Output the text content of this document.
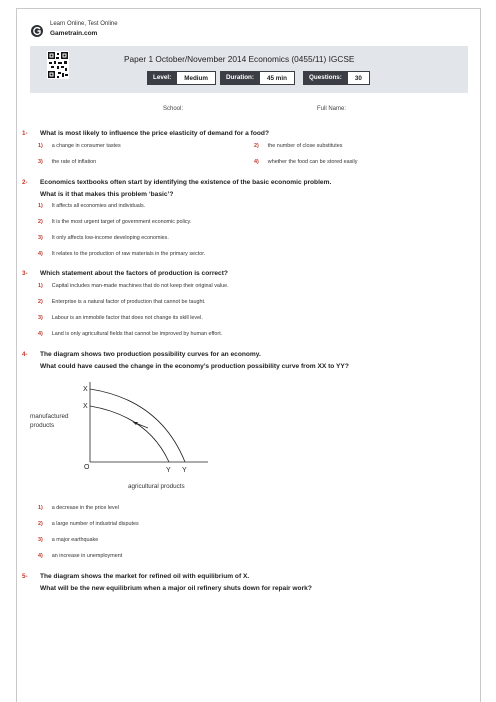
Learn Online, Test Online
Gametrain.com
Paper 1 October/November 2014 Economics (0455/11) IGCSE
Level:	Medium	Duration:	45 min	Questions:	30
School:	Full Name:
1- What is most likely to influence the price elasticity of demand for a food?
1) a change in consumer tastes	2) the number of close substitutes
3) the rate of inflation	4) whether the food can be stored easily
2- Economics textbooks often start by identifying the existence of the basic economic problem.
What is it that makes this problem ‘basic’?
1) It affects all economies and individuals.
2) It is the most urgent target of government economic policy.
3) It only affects low-income developing economies.
4) It relates to the production of raw materials in the primary sector.
3- Which statement about the factors of production is correct?
1) Capital includes man-made machines that do not keep their original value.
2) Enterprise is a natural factor of production that cannot be taught.
3) Labour is an immobile factor that does not change its skill level.
4) Land is only agricultural fields that cannot be improved by human effort.
4- The diagram shows two production possibility curves for an economy.
What could have caused the change in the economy’s production possibility curve from XX to YY?
X
X
manufactured
products
O	Y Y
agricultural products
1) a decrease in the price level
2) a large number of industrial disputes
3) a major earthquake
4) an increase in unemployment
5- The diagram shows the market for refined oil with equilibrium of X.
What will be the new equilibrium when a major oil refinery shuts down for repair work?
